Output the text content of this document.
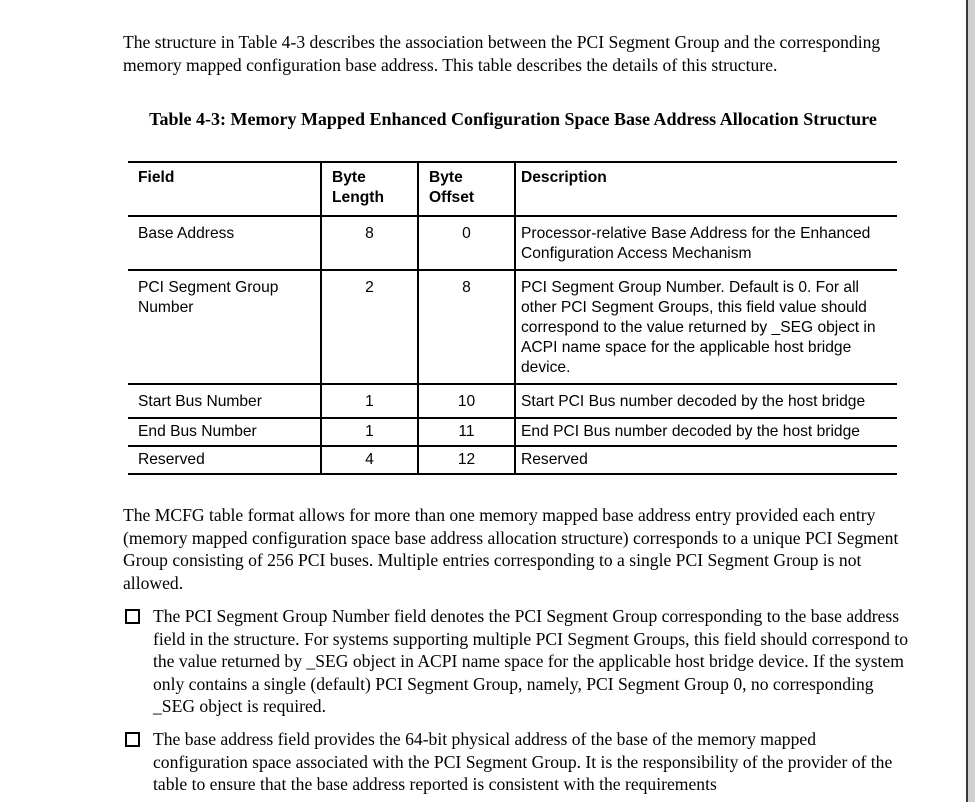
The structure in Table 4-3 describes the association between the PCI Segment Group and the corresponding memory mapped configuration base address. This table describes the details of this structure.

Table 4-3: Memory Mapped Enhanced Configuration Space Base Address Allocation Structure
Field	Byte Length	Byte Offset	Description
Base Address	8	0	Processor-relative Base Address for the Enhanced Configuration Access Mechanism
PCI Segment Group Number	2	8	PCI Segment Group Number. Default is 0. For all other PCI Segment Groups, this field value should correspond to the value returned by _SEG object in ACPI name space for the applicable host bridge device.
Start Bus Number	1	10	Start PCI Bus number decoded by the host bridge
End Bus Number	1	11	End PCI Bus number decoded by the host bridge
Reserved	4	12	Reserved

The MCFG table format allows for more than one memory mapped base address entry provided each entry (memory mapped configuration space base address allocation structure) corresponds to a unique PCI Segment Group consisting of 256 PCI buses. Multiple entries corresponding to a single PCI Segment Group is not allowed.

The PCI Segment Group Number field denotes the PCI Segment Group corresponding to the base address field in the structure. For systems supporting multiple PCI Segment Groups, this field should correspond to the value returned by _SEG object in ACPI name space for the applicable host bridge device. If the system only contains a single (default) PCI Segment Group, namely, PCI Segment Group 0, no corresponding _SEG object is required.
The base address field provides the 64-bit physical address of the base of the memory mapped configuration space associated with the PCI Segment Group. It is the responsibility of the provider of the table to ensure that the base address reported is consistent with the requirements
